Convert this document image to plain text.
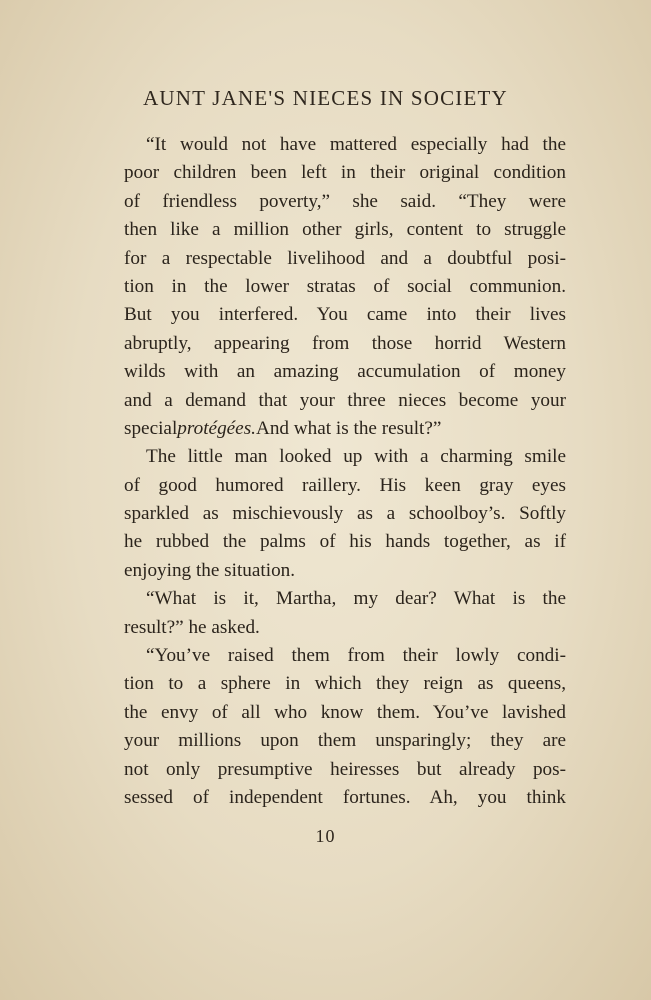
AUNT JANE'S NIECES IN SOCIETY
“It would not have mattered especially had the
poor children been left in their original condition
of friendless poverty,” she said. “They were
then like a million other girls, content to struggle
for a respectable livelihood and a doubtful posi-
tion in the lower stratas of social communion.
But you interfered. You came into their lives
abruptly, appearing from those horrid Western
wilds with an amazing accumulation of money
and a demand that your three nieces become your
specialprotégées.And what is the result?”
The little man looked up with a charming smile
of good humored raillery. His keen gray eyes
sparkled as mischievously as a schoolboy’s. Softly
he rubbed the palms of his hands together, as if
enjoying the situation.
“What is it, Martha, my dear? What is the
result?” he asked.
“You’ve raised them from their lowly condi-
tion to a sphere in which they reign as queens,
the envy of all who know them. You’ve lavished
your millions upon them unsparingly; they are
not only presumptive heiresses but already pos-
sessed of independent fortunes. Ah, you think
10
